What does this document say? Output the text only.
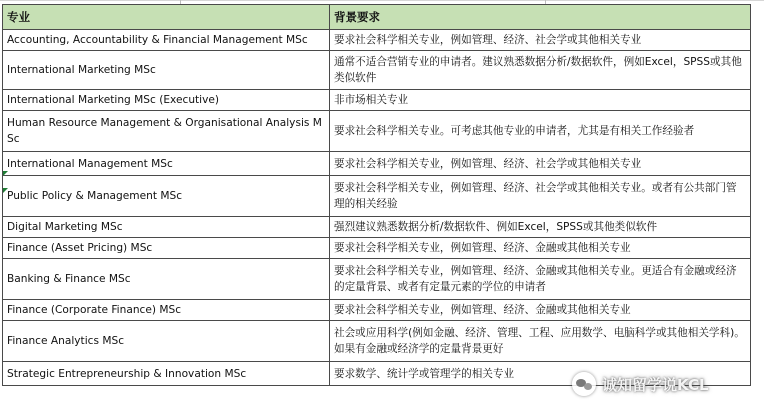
专业	背景要求
Accounting, Accountability & Financial Management MSc	要求社会科学相关专业，例如管理、经济、社会学或其他相关专业
International Marketing MSc	通常不适合营销专业的申请者。建议熟悉数据分析/数据软件，例如Excel，SPSS或其他类似软件
International Marketing MSc (Executive)	非市场相关专业
Human Resource Management & Organisational Analysis MSc	要求社会科学相关专业。可考虑其他专业的申请者，尤其是有相关工作经验者
International Management MSc	要求社会科学相关专业，例如管理、经济、社会学或其他相关专业
Public Policy & Management MSc	要求社会科学相关专业，例如管理、经济、社会学或其他相关专业。或者有公共部门管理的相关经验
Digital Marketing MSc	强烈建议熟悉数据分析/数据软件、例如Excel，SPSS或其他类似软件
Finance (Asset Pricing) MSc	要求社会科学相关专业，例如管理、经济、金融或其他相关专业
Banking & Finance MSc	要求社会科学相关专业，例如管理、经济、金融或其他相关专业。更适合有金融或经济的定量背景、或者有定量元素的学位的申请者
Finance (Corporate Finance) MSc	要求社会科学相关专业，例如管理、经济、金融或其他相关专业
Finance Analytics MSc	社会或应用科学(例如金融、经济、管理、工程、应用数学、电脑科学或其他相关学科)。如果有金融或经济学的定量背景更好
Strategic Entrepreneurship & Innovation MSc	要求数学、统计学或管理学的相关专业
诚知留学说KCL
